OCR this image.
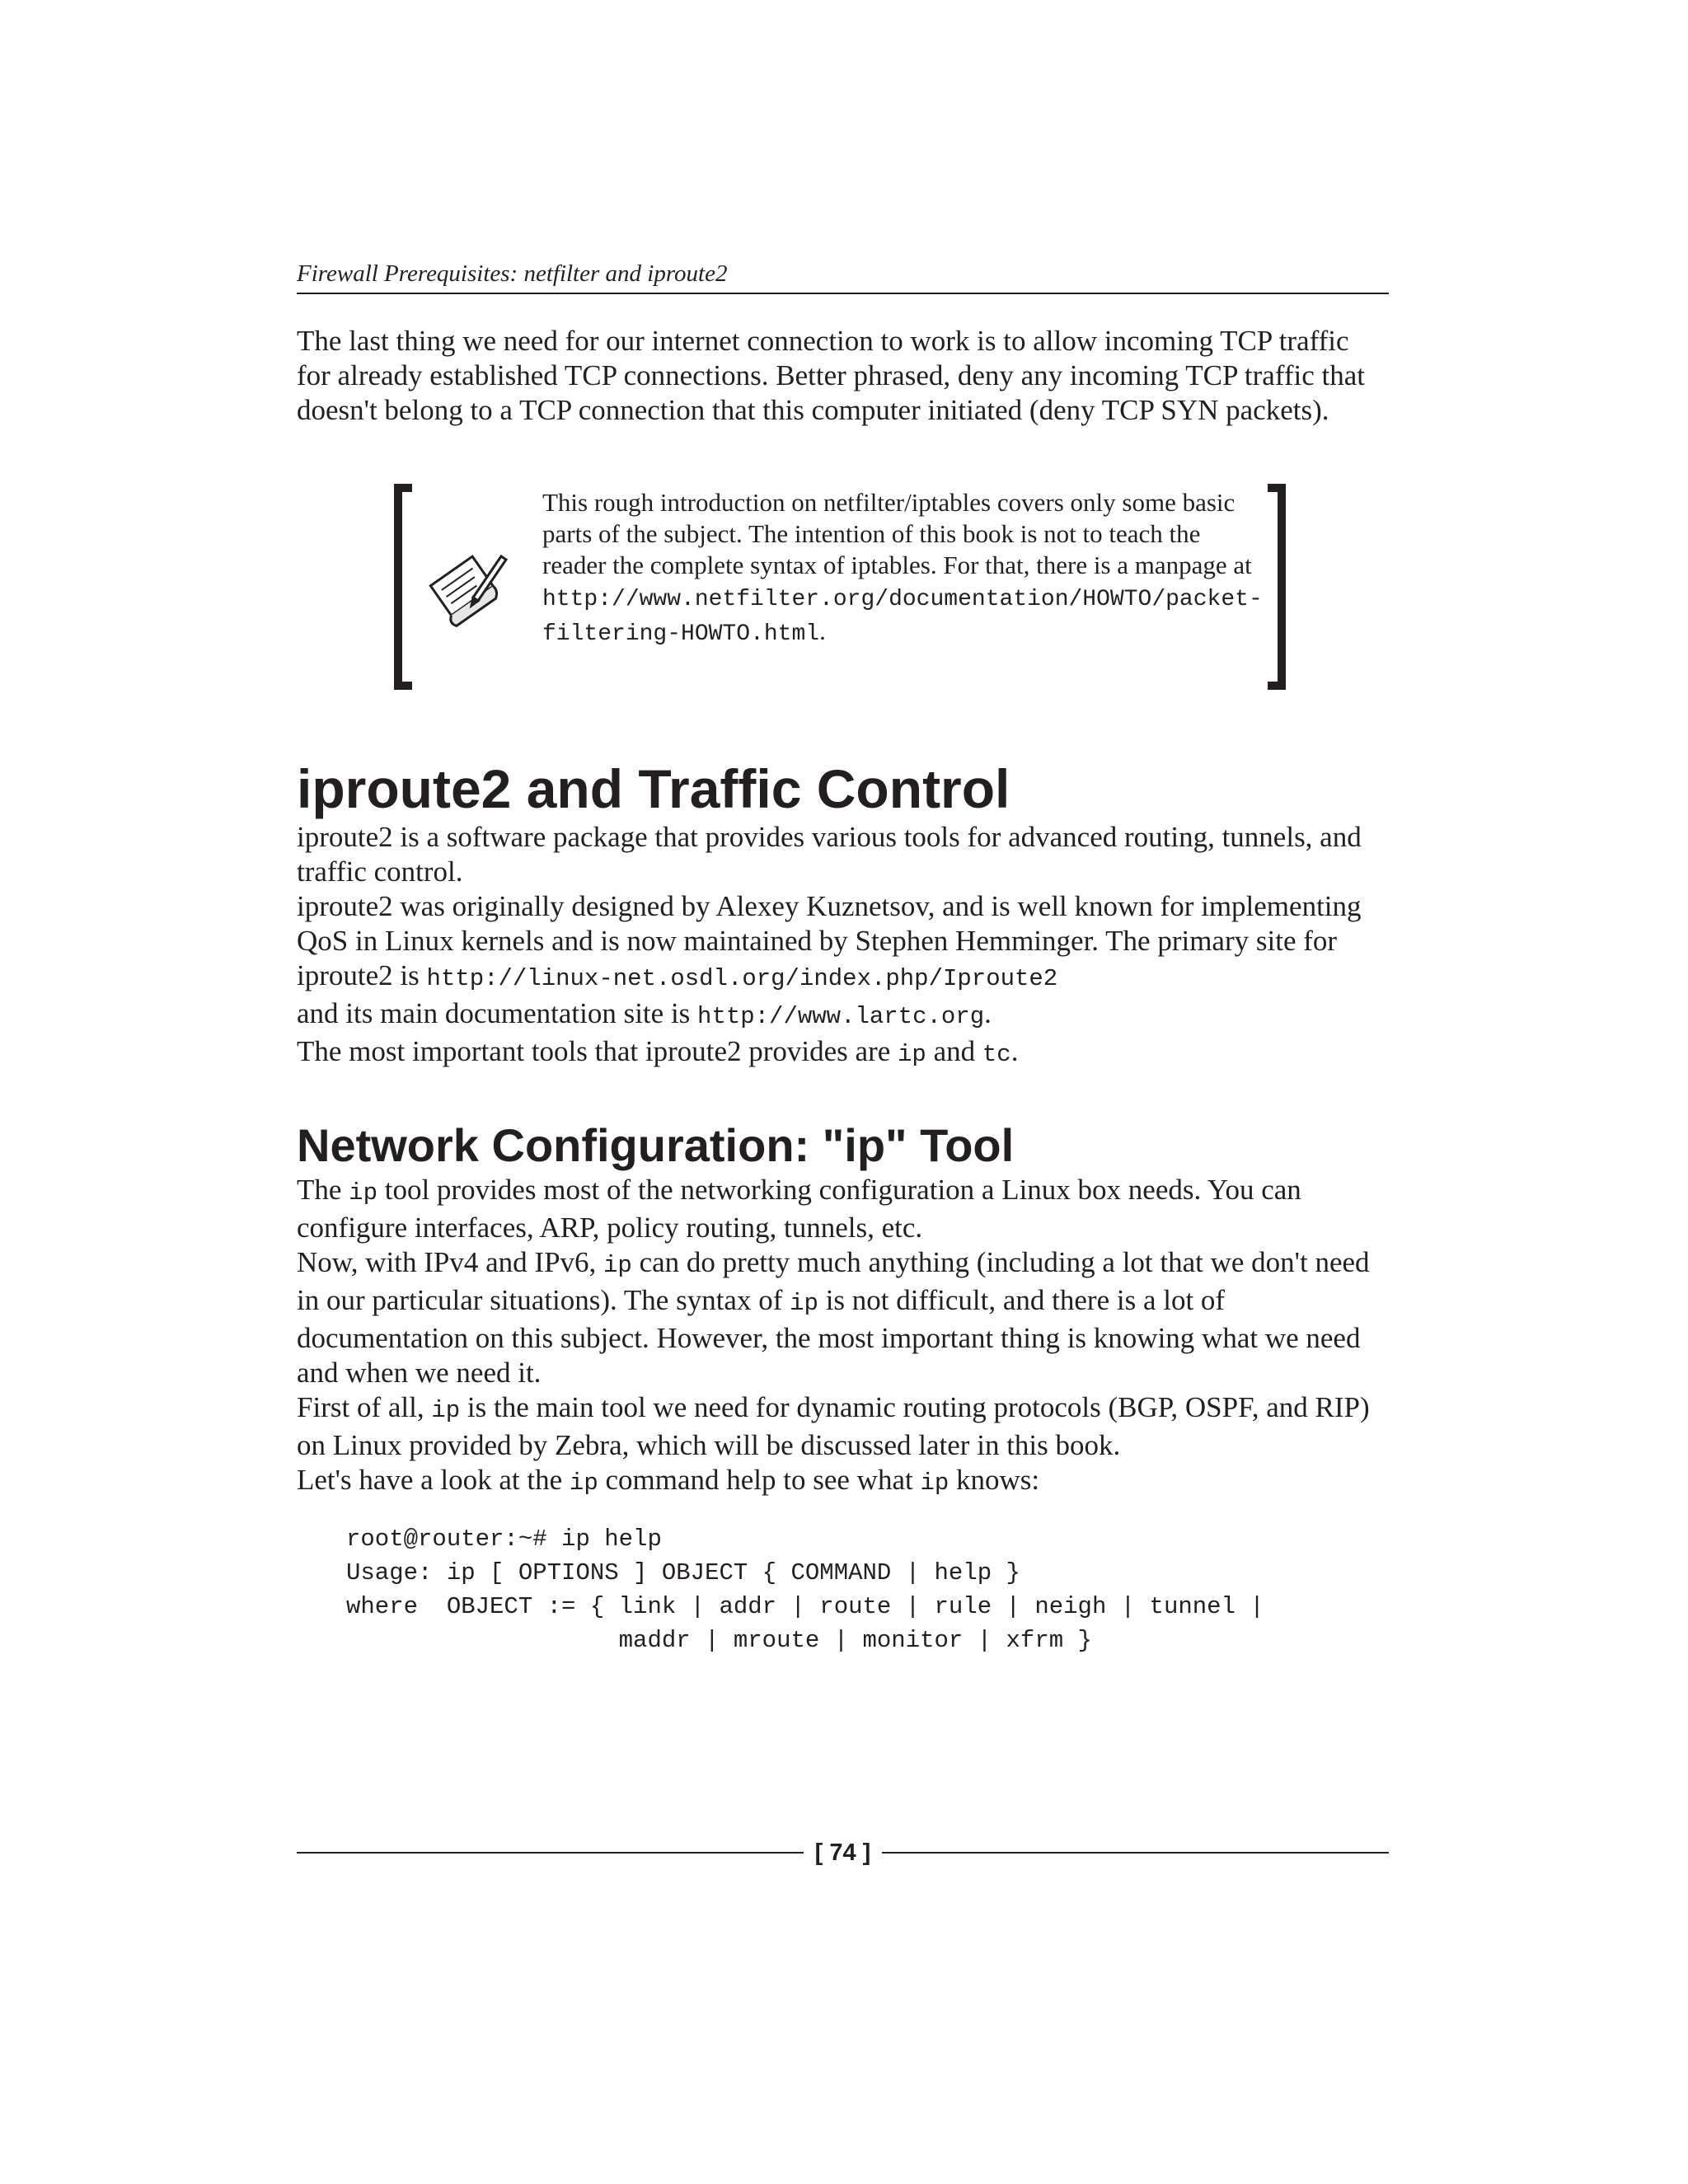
Firewall Prerequisites: netfilter and iproute2

The last thing we need for our internet connection to work is to allow incoming TCP traffic for already established TCP connections. Better phrased, deny any incoming TCP traffic that doesn't belong to a TCP connection that this computer initiated (deny TCP SYN packets).

This rough introduction on netfilter/iptables covers only some basic parts of the subject. The intention of this book is not to teach the reader the complete syntax of iptables. For that, there is a manpage at http://www.netfilter.org/documentation/HOWTO/packet-filtering-HOWTO.html.
iproute2 and Traffic Control

iproute2 is a software package that provides various tools for advanced routing, tunnels, and traffic control.

iproute2 was originally designed by Alexey Kuznetsov, and is well known for implementing QoS in Linux kernels and is now maintained by Stephen Hemminger. The primary site for iproute2 is http://linux-net.osdl.org/index.php/Iproute2
and its main documentation site is http://www.lartc.org.

The most important tools that iproute2 provides are ip and tc.

Network Configuration: "ip" Tool

The ip tool provides most of the networking configuration a Linux box needs. You can configure interfaces, ARP, policy routing, tunnels, etc.

Now, with IPv4 and IPv6, ip can do pretty much anything (including a lot that we don't need in our particular situations). The syntax of ip is not difficult, and there is a lot of documentation on this subject. However, the most important thing is knowing what we need and when we need it.

First of all, ip is the main tool we need for dynamic routing protocols (BGP, OSPF, and RIP) on Linux provided by Zebra, which will be discussed later in this book.

Let's have a look at the ip command help to see what ip knows:

root@router:~# ip help
Usage: ip [ OPTIONS ] OBJECT { COMMAND | help }
where  OBJECT := { link | addr | route | rule | neigh | tunnel |
maddr | mroute | monitor | xfrm }
[ 74 ]
